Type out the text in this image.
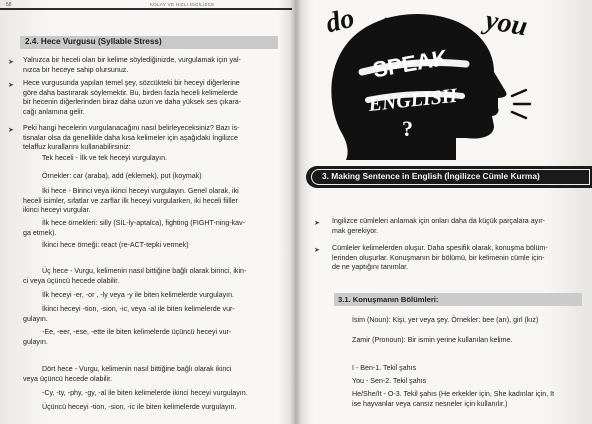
58	KOLAY VE HIZLI İNGİLİZCE
2.4. Hece Vurgusu (Syllable Stress)
➤ Yalnızca bir heceli olan bir kelime söylediğinizde, vurgulamak için yal-
nızca bir heceye sahip olursunuz.
➤ Hece vurgusunda yapılan temel şey, sözcükteki bir heceyi diğerlerine
göre daha bastırarak söylemektir. Bu, birden fazla heceli kelimelerde
bir hecenin diğerlerinden biraz daha uzun ve daha yüksek ses çıkara-
cağı anlamına gelir.
➤ Peki hangi hecelerin vurgulanacağını nasıl belirleyeceksiniz? Bazı is-
tisnalar olsa da genellikle daha kısa kelimeler için aşağıdaki İngilizce
telaffuz kurallarını kullanabilirsiniz:
Tek heceli - İlk ve tek heceyi vurgulayın.
Örnekler: car (araba), add (eklemek), put (koymak)
İki hece - Birinci veya ikinci heceyi vurgulayın. Genel olarak, iki
heceli isimler, sıfatlar ve zarflar ilk heceyi vurgularken, iki heceli fiiller
ikinci heceyi vurgular.
İlk hece örnekleri: silly (SİL-ly-aptalca), fighting (FIGHT-ning-kav-
ga etmek).
İkinci hece örneği: react (re-ACT-tepki vermek)
Üç hece - Vurgu, kelimenin nasıl bittiğine bağlı olarak birinci, ikin-
ci veya üçüncü hecede olabilir.
İlk heceyi -er, -or , -ly veya -y ile biten kelimelerde vurgulayın.
İkinci heceyi -tion, -sion, -ic, veya -al ile biten kelimelerde vur-
gulayın.
-Ee, -eer, -ese, -ette ile biten kelimelerde üçüncü heceyi vur-
gulayın.
Dört hece - Vurgu, kelimenin nasıl bittiğine bağlı olarak ikinci
veya üçüncü hecede olabilir.
-Cy, -ty, -phy, -gy, -al ile biten kelimelerde ikinci heceyi vurgulayın.
Üçüncü heceyi -tion, -sion, -ic ile biten kelimelerde vurgulayın.
do -	you
SPEAK
ENGLISH
?
3. Making Sentence in English (İngilizce Cümle Kurma)
➤ İngilizce cümleleri anlamak için onları daha da küçük parçalara ayır-
mak gerekiyor.
➤ Cümleler kelimelerden oluşur. Daha spesifik olarak, konuşma bölüm-
lerinden oluşurlar. Konuşmanın bir bölümü, bir kelimenin cümle için-
de ne yaptığını tanımlar.
3.1. Konuşmanın Bölümleri:
İsim (Noun): Kişi, yer veya şey. Örnekler: bee (arı), girl (kız)
Zamir (Pronoun): Bir ismin yerine kullanılan kelime.
I - Ben-1. Tekil şahıs
You - Sen-2. Tekil şahıs
He/She/It - O-3. Tekil şahıs (He erkekler için, She kadınlar için, It
ise hayvanlar veya cansız nesneler için kullanılır.)
